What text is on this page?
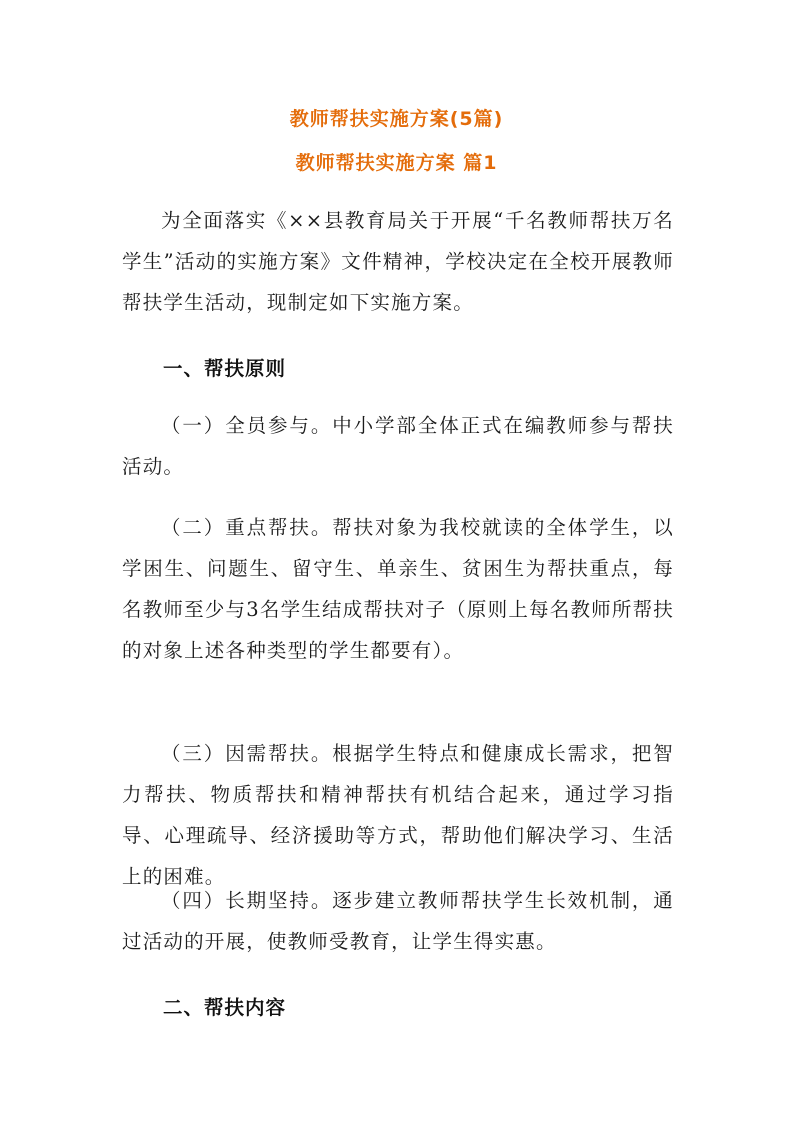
教师帮扶实施方案(5篇)
教师帮扶实施方案 篇1

为全面落实《××县教育局关于开展“千名教师帮扶万名学生”活动的实施方案》文件精神，学校决定在全校开展教师帮扶学生活动，现制定如下实施方案。

一、帮扶原则

（一）全员参与。中小学部全体正式在编教师参与帮扶活动。

（二）重点帮扶。帮扶对象为我校就读的全体学生，以学困生、问题生、留守生、单亲生、贫困生为帮扶重点，每名教师至少与3名学生结成帮扶对子（原则上每名教师所帮扶的对象上述各种类型的学生都要有）。

（三）因需帮扶。根据学生特点和健康成长需求，把智力帮扶、物质帮扶和精神帮扶有机结合起来，通过学习指导、心理疏导、经济援助等方式，帮助他们解决学习、生活上的困难。

（四）长期坚持。逐步建立教师帮扶学生长效机制，通过活动的开展，使教师受教育，让学生得实惠。

二、帮扶内容
